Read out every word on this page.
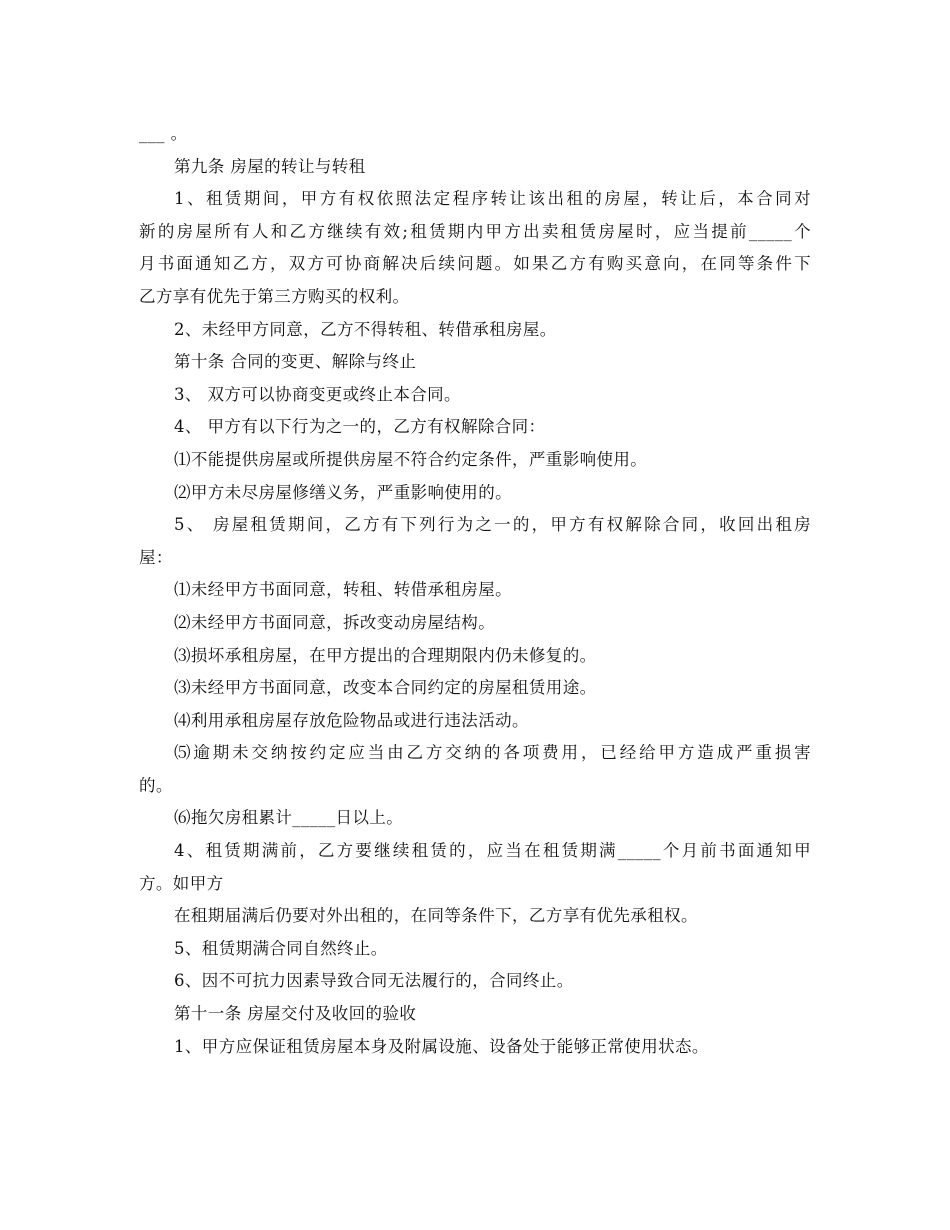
___ 。
第九条 房屋的转让与转租
1、租赁期间，甲方有权依照法定程序转让该出租的房屋，转让后，本合同对
新的房屋所有人和乙方继续有效;租赁期内甲方出卖租赁房屋时，应当提前_____个
月书面通知乙方，双方可协商解决后续问题。如果乙方有购买意向，在同等条件下
乙方享有优先于第三方购买的权利。
2、未经甲方同意，乙方不得转租、转借承租房屋。
第十条 合同的变更、解除与终止
3、 双方可以协商变更或终止本合同。
4、 甲方有以下行为之一的，乙方有权解除合同：
⑴不能提供房屋或所提供房屋不符合约定条件，严重影响使用。
⑵甲方未尽房屋修缮义务，严重影响使用的。
5、 房屋租赁期间，乙方有下列行为之一的，甲方有权解除合同，收回出租房
屋：
⑴未经甲方书面同意，转租、转借承租房屋。
⑵未经甲方书面同意，拆改变动房屋结构。
⑶损坏承租房屋，在甲方提出的合理期限内仍未修复的。
⑶未经甲方书面同意，改变本合同约定的房屋租赁用途。
⑷利用承租房屋存放危险物品或进行违法活动。
⑸逾期未交纳按约定应当由乙方交纳的各项费用，已经给甲方造成严重损害
的。
⑹拖欠房租累计_____日以上。
4、租赁期满前，乙方要继续租赁的，应当在租赁期满_____个月前书面通知甲
方。如甲方
在租期届满后仍要对外出租的，在同等条件下，乙方享有优先承租权。
5、租赁期满合同自然终止。
6、因不可抗力因素导致合同无法履行的，合同终止。
第十一条 房屋交付及收回的验收
1、甲方应保证租赁房屋本身及附属设施、设备处于能够正常使用状态。
